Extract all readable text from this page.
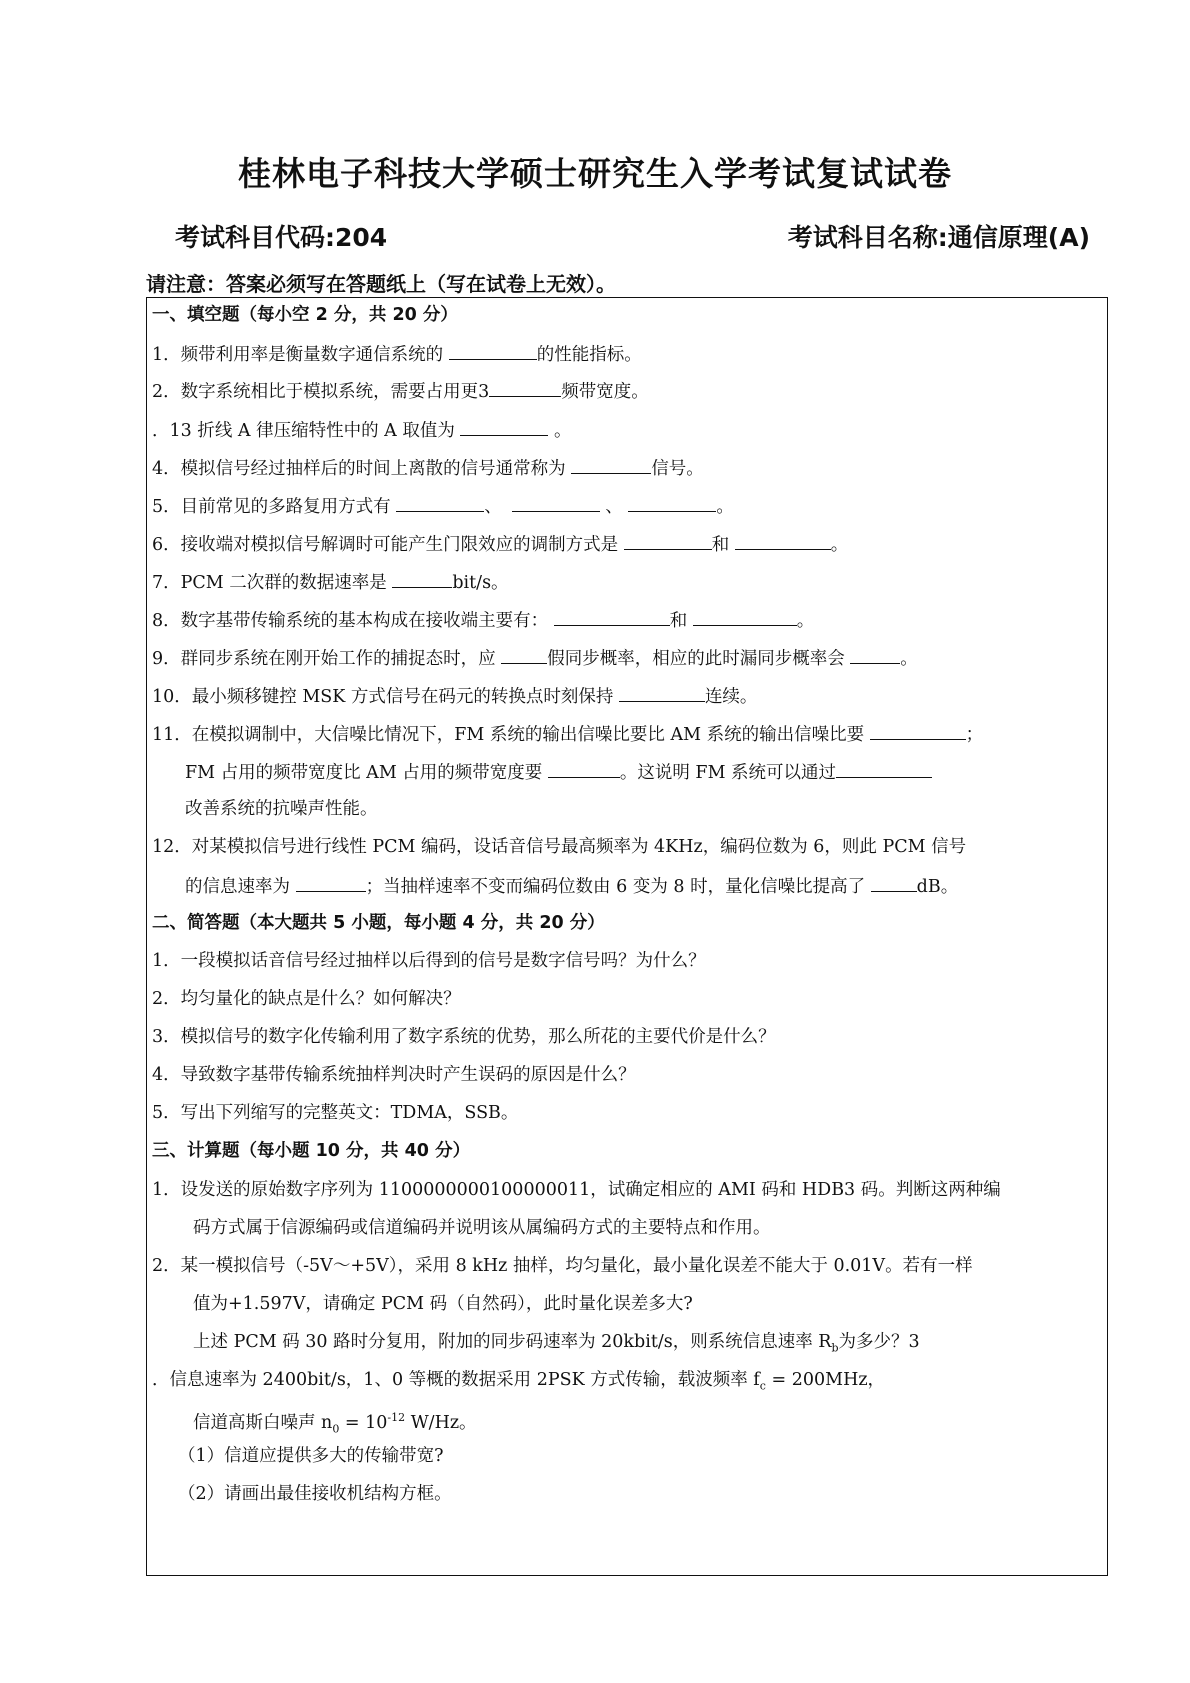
桂林电子科技大学硕士研究生入学考试复试试卷
考试科目代码:204	考试科目名称:通信原理(A)
请注意：答案必须写在答题纸上（写在试卷上无效）。
一、填空题（每小空 2 分，共 20 分）
1．频带利用率是衡量数字通信系统的	的性能指标。
2．数字系统相比于模拟系统，需要占用更3	频带宽度。
．13 折线 A 律压缩特性中的 A 取值为	。
4．模拟信号经过抽样后的时间上离散的信号通常称为	信号。
5．目前常见的多路复用方式有	、	、	。
6．接收端对模拟信号解调时可能产生门限效应的调制方式是	和	。
7．PCM 二次群的数据速率是	bit/s。
8．数字基带传输系统的基本构成在接收端主要有：	和	。
9．群同步系统在刚开始工作的捕捉态时，应	假同步概率，相应的此时漏同步概率会	。
10．最小频移键控 MSK 方式信号在码元的转换点时刻保持	连续。
11．在模拟调制中，大信噪比情况下，FM 系统的输出信噪比要比 AM 系统的输出信噪比要	；
FM 占用的频带宽度比 AM 占用的频带宽度要	。这说明 FM 系统可以通过
改善系统的抗噪声性能。
12．对某模拟信号进行线性 PCM 编码，设话音信号最高频率为 4KHz，编码位数为 6，则此 PCM 信号
的信息速率为	；当抽样速率不变而编码位数由 6 变为 8 时，量化信噪比提高了	dB。
二、简答题（本大题共 5 小题，每小题 4 分，共 20 分）
1．一段模拟话音信号经过抽样以后得到的信号是数字信号吗？为什么？
2．均匀量化的缺点是什么？如何解决？
3．模拟信号的数字化传输利用了数字系统的优势，那么所花的主要代价是什么？
4．导致数字基带传输系统抽样判决时产生误码的原因是什么？
5．写出下列缩写的完整英文：TDMA，SSB。
三、计算题（每小题 10 分，共 40 分）
1．设发送的原始数字序列为 1100000000100000011，试确定相应的 AMI 码和 HDB3 码。判断这两种编
码方式属于信源编码或信道编码并说明该从属编码方式的主要特点和作用。
2．某一模拟信号（-5V～+5V），采用 8 kHz 抽样，均匀量化，最小量化误差不能大于 0.01V。若有一样
值为+1.597V，请确定 PCM 码（自然码），此时量化误差多大?
上述 PCM 码 30 路时分复用，附加的同步码速率为 20kbit/s，则系统信息速率 $R_b$为多少？3
．信息速率为 2400bit/s，1、0 等概的数据采用 2PSK 方式传输，载波频率 $f_c = 200MHz$，
信道高斯白噪声 $n_0 = 10^{-12}$ W/Hz。
（1）信道应提供多大的传输带宽?
（2）请画出最佳接收机结构方框。
